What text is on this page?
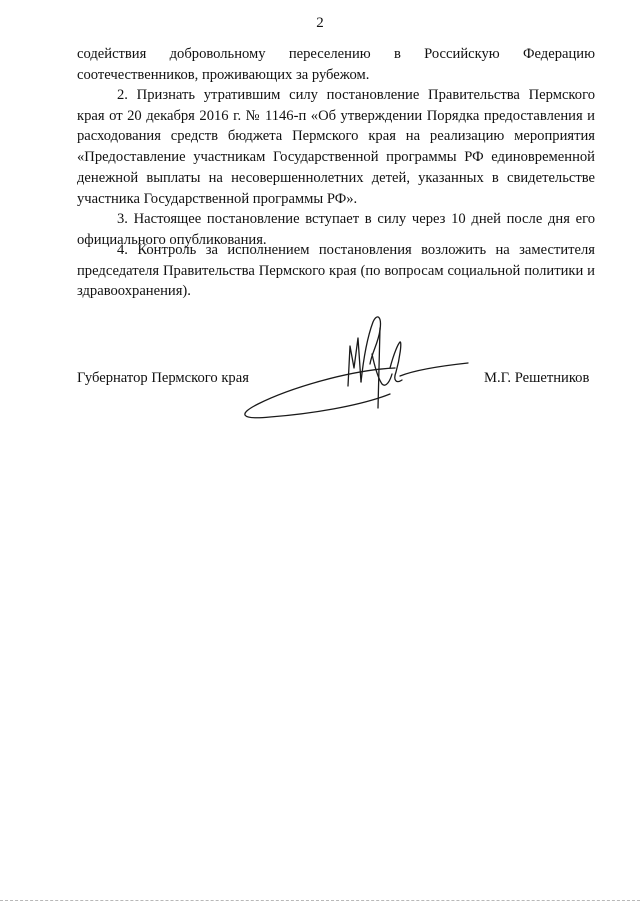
2

содействия добровольному переселению в Российскую Федерацию
соотечественников, проживающих за рубежом.

2. Признать утратившим силу постановление Правительства Пермского края от 20 декабря 2016 г. № 1146-п «Об утверждении Порядка предоставления и расходования средств бюджета Пермского края на реализацию мероприятия «Предоставление участникам Государственной программы РФ единовременной денежной выплаты на несовершеннолетних детей, указанных в свидетельстве участника Государственной программы РФ».

3. Настоящее постановление вступает в силу через 10 дней после дня его официального опубликования.

4. Контроль за исполнением постановления возложить на заместителя председателя Правительства Пермского края (по вопросам социальной политики и здравоохранения).

Губернатор Пермского края	М.Г. Решетников
